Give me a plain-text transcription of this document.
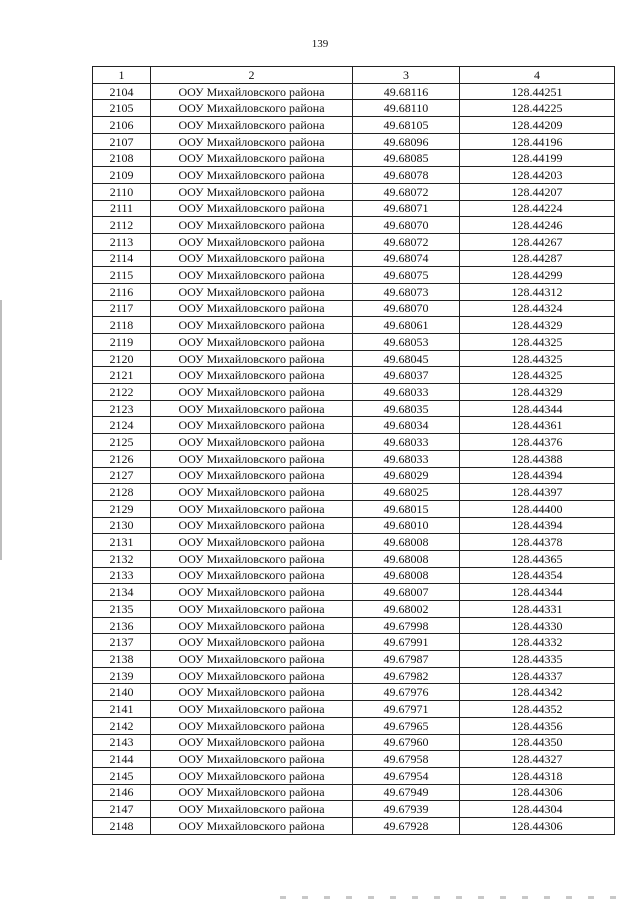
139
1	2	3	4
2104	ООУ Михайловского района	49.68116	128.44251
2105	ООУ Михайловского района	49.68110	128.44225
2106	ООУ Михайловского района	49.68105	128.44209
2107	ООУ Михайловского района	49.68096	128.44196
2108	ООУ Михайловского района	49.68085	128.44199
2109	ООУ Михайловского района	49.68078	128.44203
2110	ООУ Михайловского района	49.68072	128.44207
2111	ООУ Михайловского района	49.68071	128.44224
2112	ООУ Михайловского района	49.68070	128.44246
2113	ООУ Михайловского района	49.68072	128.44267
2114	ООУ Михайловского района	49.68074	128.44287
2115	ООУ Михайловского района	49.68075	128.44299
2116	ООУ Михайловского района	49.68073	128.44312
2117	ООУ Михайловского района	49.68070	128.44324
2118	ООУ Михайловского района	49.68061	128.44329
2119	ООУ Михайловского района	49.68053	128.44325
2120	ООУ Михайловского района	49.68045	128.44325
2121	ООУ Михайловского района	49.68037	128.44325
2122	ООУ Михайловского района	49.68033	128.44329
2123	ООУ Михайловского района	49.68035	128.44344
2124	ООУ Михайловского района	49.68034	128.44361
2125	ООУ Михайловского района	49.68033	128.44376
2126	ООУ Михайловского района	49.68033	128.44388
2127	ООУ Михайловского района	49.68029	128.44394
2128	ООУ Михайловского района	49.68025	128.44397
2129	ООУ Михайловского района	49.68015	128.44400
2130	ООУ Михайловского района	49.68010	128.44394
2131	ООУ Михайловского района	49.68008	128.44378
2132	ООУ Михайловского района	49.68008	128.44365
2133	ООУ Михайловского района	49.68008	128.44354
2134	ООУ Михайловского района	49.68007	128.44344
2135	ООУ Михайловского района	49.68002	128.44331
2136	ООУ Михайловского района	49.67998	128.44330
2137	ООУ Михайловского района	49.67991	128.44332
2138	ООУ Михайловского района	49.67987	128.44335
2139	ООУ Михайловского района	49.67982	128.44337
2140	ООУ Михайловского района	49.67976	128.44342
2141	ООУ Михайловского района	49.67971	128.44352
2142	ООУ Михайловского района	49.67965	128.44356
2143	ООУ Михайловского района	49.67960	128.44350
2144	ООУ Михайловского района	49.67958	128.44327
2145	ООУ Михайловского района	49.67954	128.44318
2146	ООУ Михайловского района	49.67949	128.44306
2147	ООУ Михайловского района	49.67939	128.44304
2148	ООУ Михайловского района	49.67928	128.44306
